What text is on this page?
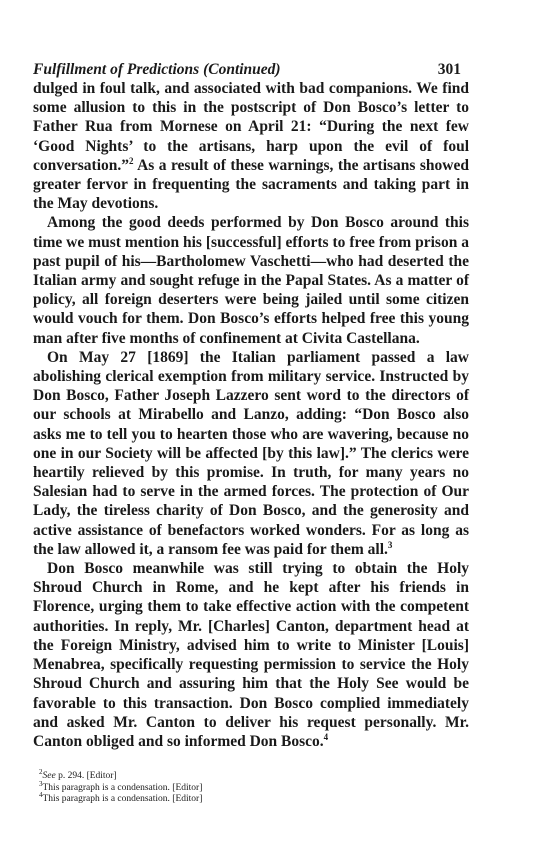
Fulfillment of Predictions (Continued)	301

dulged in foul talk, and associated with bad companions. We find some allusion to this in the postscript of Don Bosco’s letter to Father Rua from Mornese on April 21: “During the next few ‘Good Nights’ to the artisans, harp upon the evil of foul conversation.”$^2$ As a result of these warnings, the artisans showed greater fervor in frequenting the sacraments and taking part in the May devotions.

Among the good deeds performed by Don Bosco around this time we must mention his [successful] efforts to free from prison a past pupil of his—Bartholomew Vaschetti—who had deserted the Italian army and sought refuge in the Papal States. As a matter of policy, all foreign deserters were being jailed until some citizen would vouch for them. Don Bosco’s efforts helped free this young man after five months of confinement at Civita Castellana.

On May 27 [1869] the Italian parliament passed a law abolishing clerical exemption from military service. Instructed by Don Bosco, Father Joseph Lazzero sent word to the directors of our schools at Mirabello and Lanzo, adding: “Don Bosco also asks me to tell you to hearten those who are wavering, because no one in our Society will be affected [by this law].” The clerics were heartily relieved by this promise. In truth, for many years no Salesian had to serve in the armed forces. The protection of Our Lady, the tireless charity of Don Bosco, and the generosity and active assistance of benefactors worked wonders. For as long as the law allowed it, a ransom fee was paid for them all.$^3$

Don Bosco meanwhile was still trying to obtain the Holy Shroud Church in Rome, and he kept after his friends in Florence, urging them to take effective action with the competent authorities. In reply, Mr. [Charles] Canton, department head at the Foreign Ministry, advised him to write to Minister [Louis] Menabrea, specifically requesting permission to service the Holy Shroud Church and assuring him that the Holy See would be favorable to this transaction. Don Bosco complied immediately and asked Mr. Canton to deliver his request personally. Mr. Canton obliged and so informed Don Bosco.$^4$

$^2$See p. 294. [Editor]
$^3$This paragraph is a condensation. [Editor]
$^4$This paragraph is a condensation. [Editor]
